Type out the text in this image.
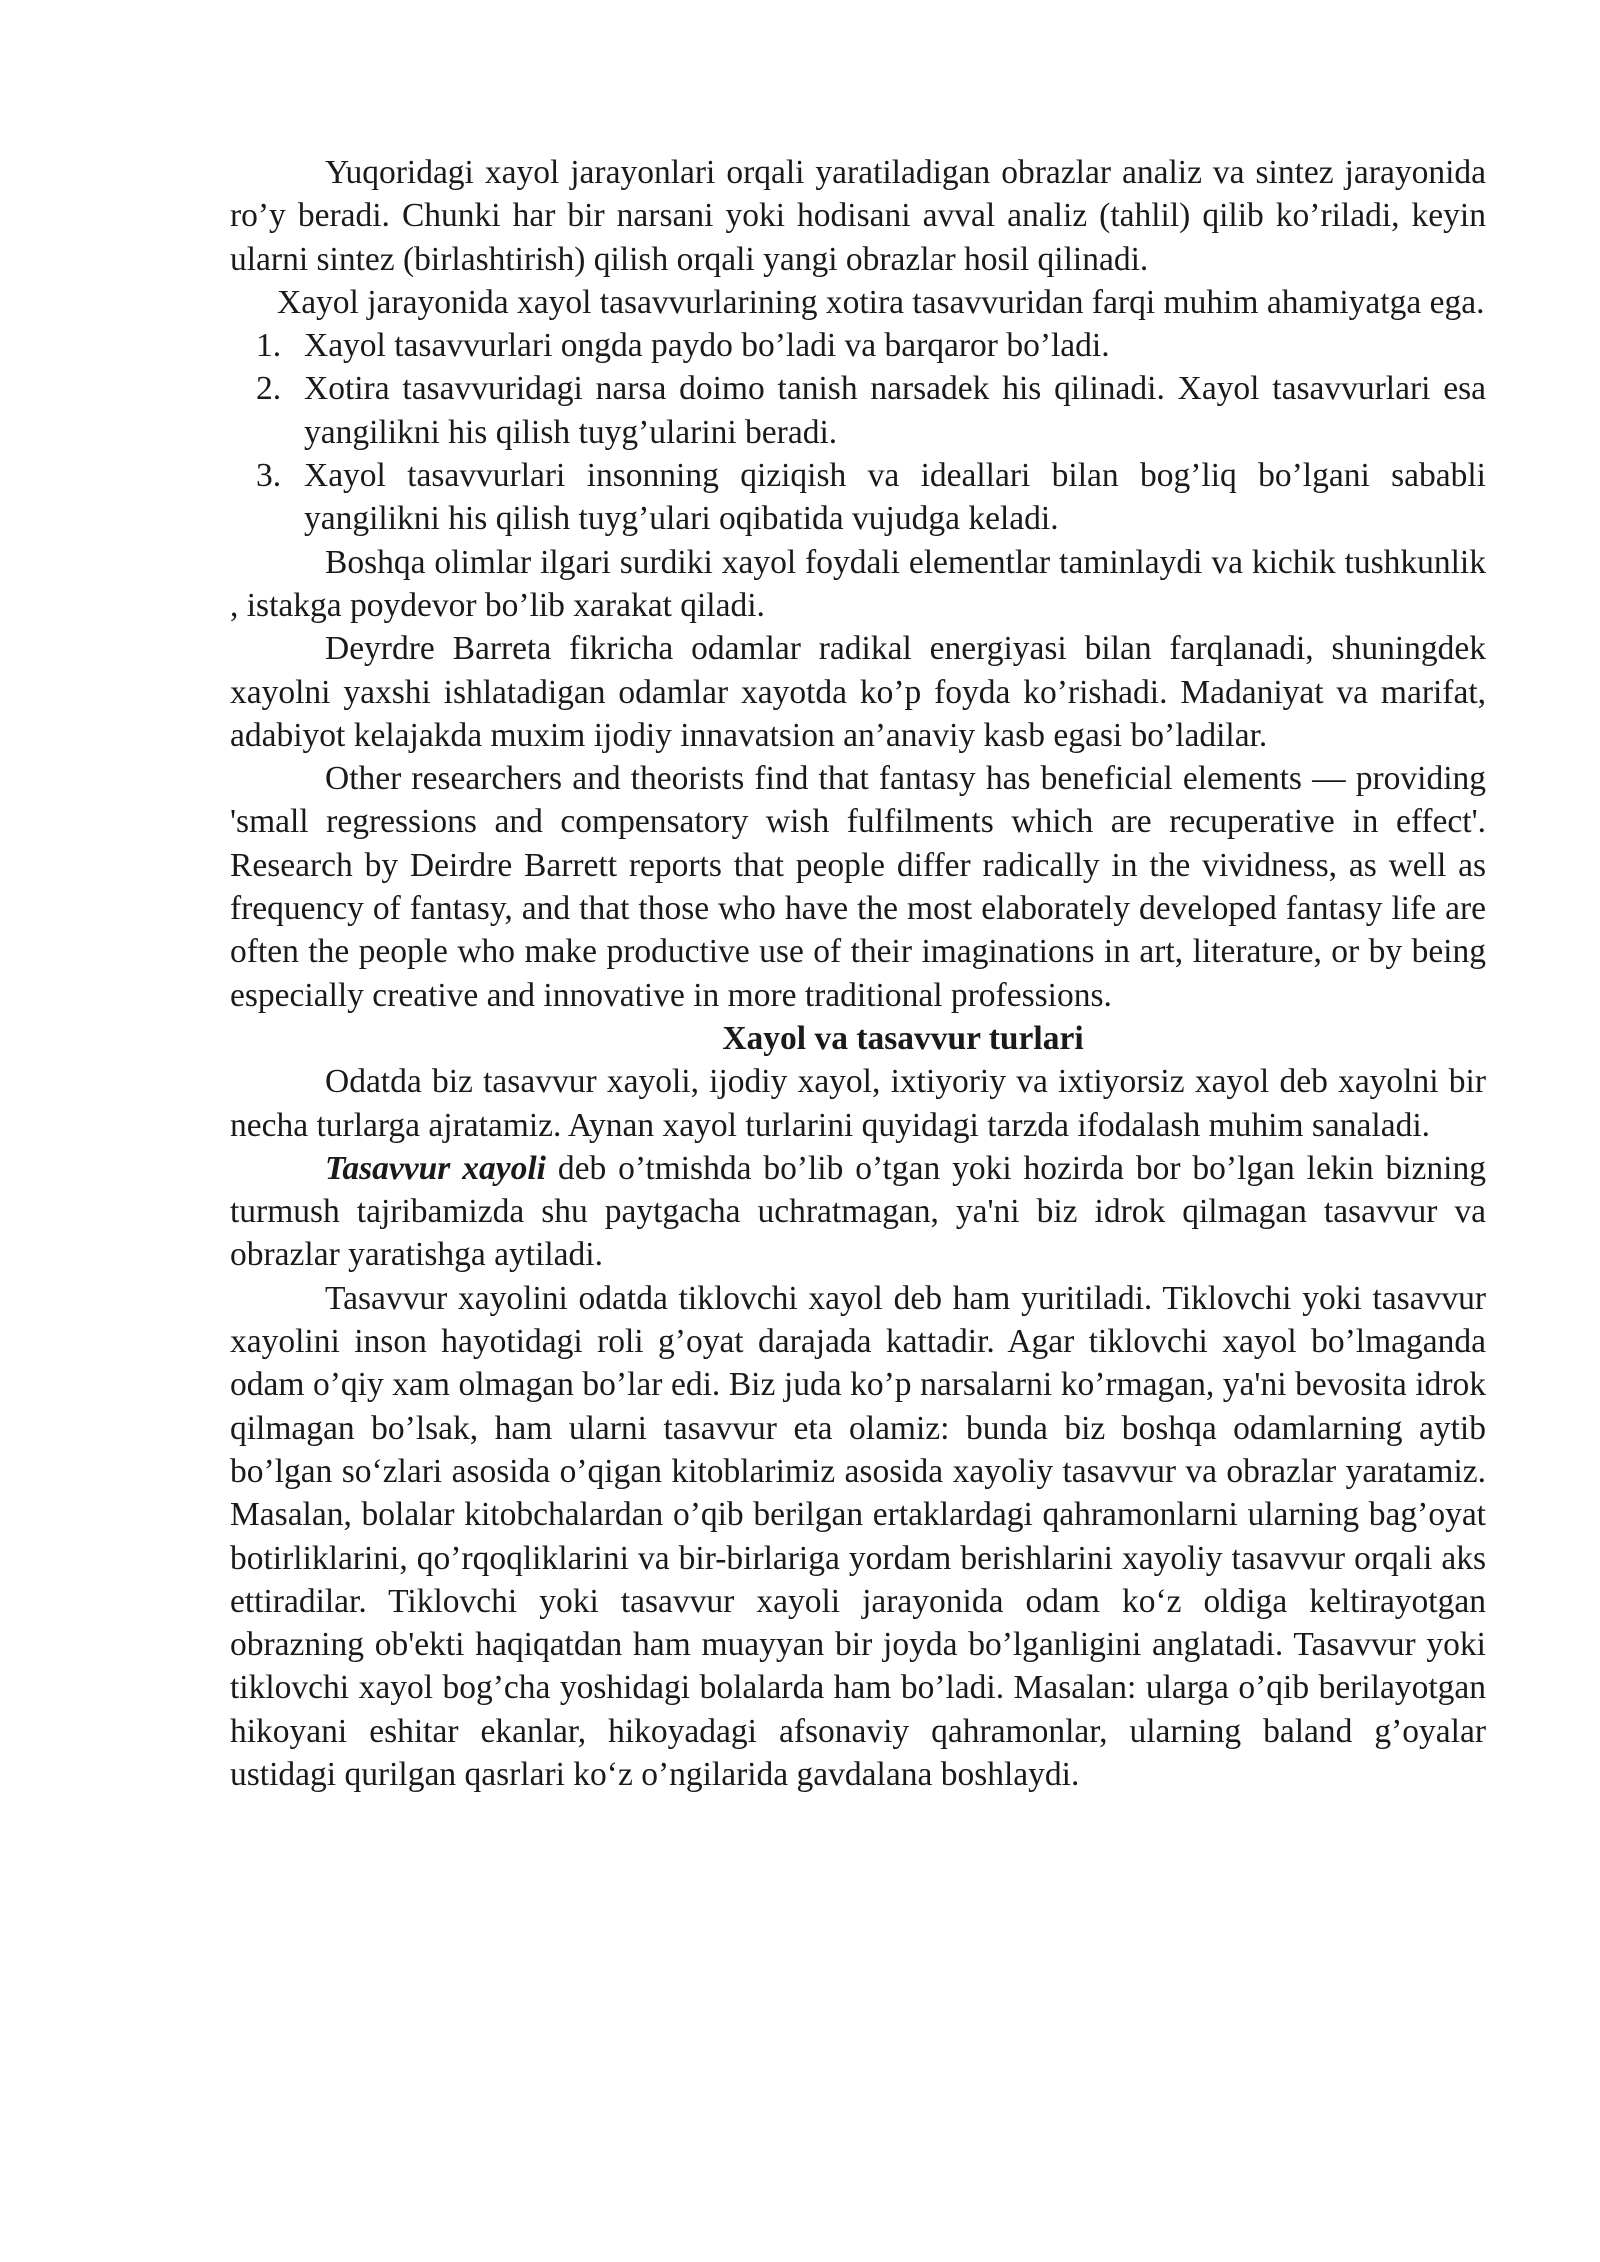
Yuqoridagi xayol jarayonlari orqali yaratiladigan obrazlar analiz va sintez jarayonida ro’y beradi. Chunki har bir narsani yoki hodisani avval analiz (tahlil) qilib ko’riladi, keyin ularni sintez (birlashtirish) qilish orqali yangi obrazlar hosil qilinadi.

Xayol jarayonida xayol tasavvurlarining xotira tasavvuridan farqi muhim ahamiyatga ega.

1. Xayol tasavvurlari ongda paydo bo’ladi va barqaror bo’ladi.
2. Xotira tasavvuridagi narsa doimo tanish narsadek his qilinadi. Xayol tasavvurlari esa yangilikni his qilish tuyg’ularini beradi.
3. Xayol tasavvurlari insonning qiziqish va ideallari bilan bog’liq bo’lgani sababli yangilikni his qilish tuyg’ulari oqibatida vujudga keladi.

Boshqa olimlar ilgari surdiki xayol foydali elementlar taminlaydi va kichik tushkunlik , istakga poydevor bo’lib xarakat qiladi.

Deyrdre Barreta fikricha odamlar radikal energiyasi bilan farqlanadi, shuningdek xayolni yaxshi ishlatadigan odamlar xayotda ko’p foyda ko’rishadi. Madaniyat va marifat, adabiyot kelajakda muxim ijodiy innavatsion an’anaviy kasb egasi bo’ladilar.

Other researchers and theorists find that fantasy has beneficial elements — providing 'small regressions and compensatory wish fulfilments which are recuperative in effect'. Research by Deirdre Barrett reports that people differ radically in the vividness, as well as frequency of fantasy, and that those who have the most elaborately developed fantasy life are often the people who make productive use of their imaginations in art, literature, or by being especially creative and innovative in more traditional professions.

Xayol va tasavvur turlari

Odatda biz tasavvur xayoli, ijodiy xayol, ixtiyoriy va ixtiyorsiz xayol deb xayolni bir necha turlarga ajratamiz. Aynan xayol turlarini quyidagi tarzda ifodalash muhim sanaladi.

Tasavvur xayoli deb o’tmishda bo’lib o’tgan yoki hozirda bor bo’lgan lekin bizning turmush tajribamizda shu paytgacha uchratmagan, ya'ni biz idrok qilmagan tasavvur va obrazlar yaratishga aytiladi.

Tasavvur xayolini odatda tiklovchi xayol deb ham yuritiladi. Tiklovchi yoki tasavvur xayolini inson hayotidagi roli g’oyat darajada kattadir. Agar tiklovchi xayol bo’lmaganda odam o’qiy xam olmagan bo’lar edi. Biz juda ko’p narsalarni ko’rmagan, ya'ni bevosita idrok qilmagan bo’lsak, ham ularni tasavvur eta olamiz: bunda biz boshqa odamlarning aytib bo’lgan so‘zlari asosida o’qigan kitoblarimiz asosida xayoliy tasavvur va obrazlar yaratamiz. Masalan, bolalar kitobchalardan o’qib berilgan ertaklardagi qahramonlarni ularning bag’oyat botirliklarini, qo’rqoqliklarini va bir-birlariga yordam berishlarini xayoliy tasavvur orqali aks ettiradilar. Tiklovchi yoki tasavvur xayoli jarayonida odam ko‘z oldiga keltirayotgan obrazning ob'ekti haqiqatdan ham muayyan bir joyda bo’lganligini anglatadi. Tasavvur yoki tiklovchi xayol bog’cha yoshidagi bolalarda ham bo’ladi. Masalan: ularga o’qib berilayotgan hikoyani eshitar ekanlar, hikoyadagi afsonaviy qahramonlar, ularning baland g’oyalar ustidagi qurilgan qasrlari ko‘z o’ngilarida gavdalana boshlaydi.
